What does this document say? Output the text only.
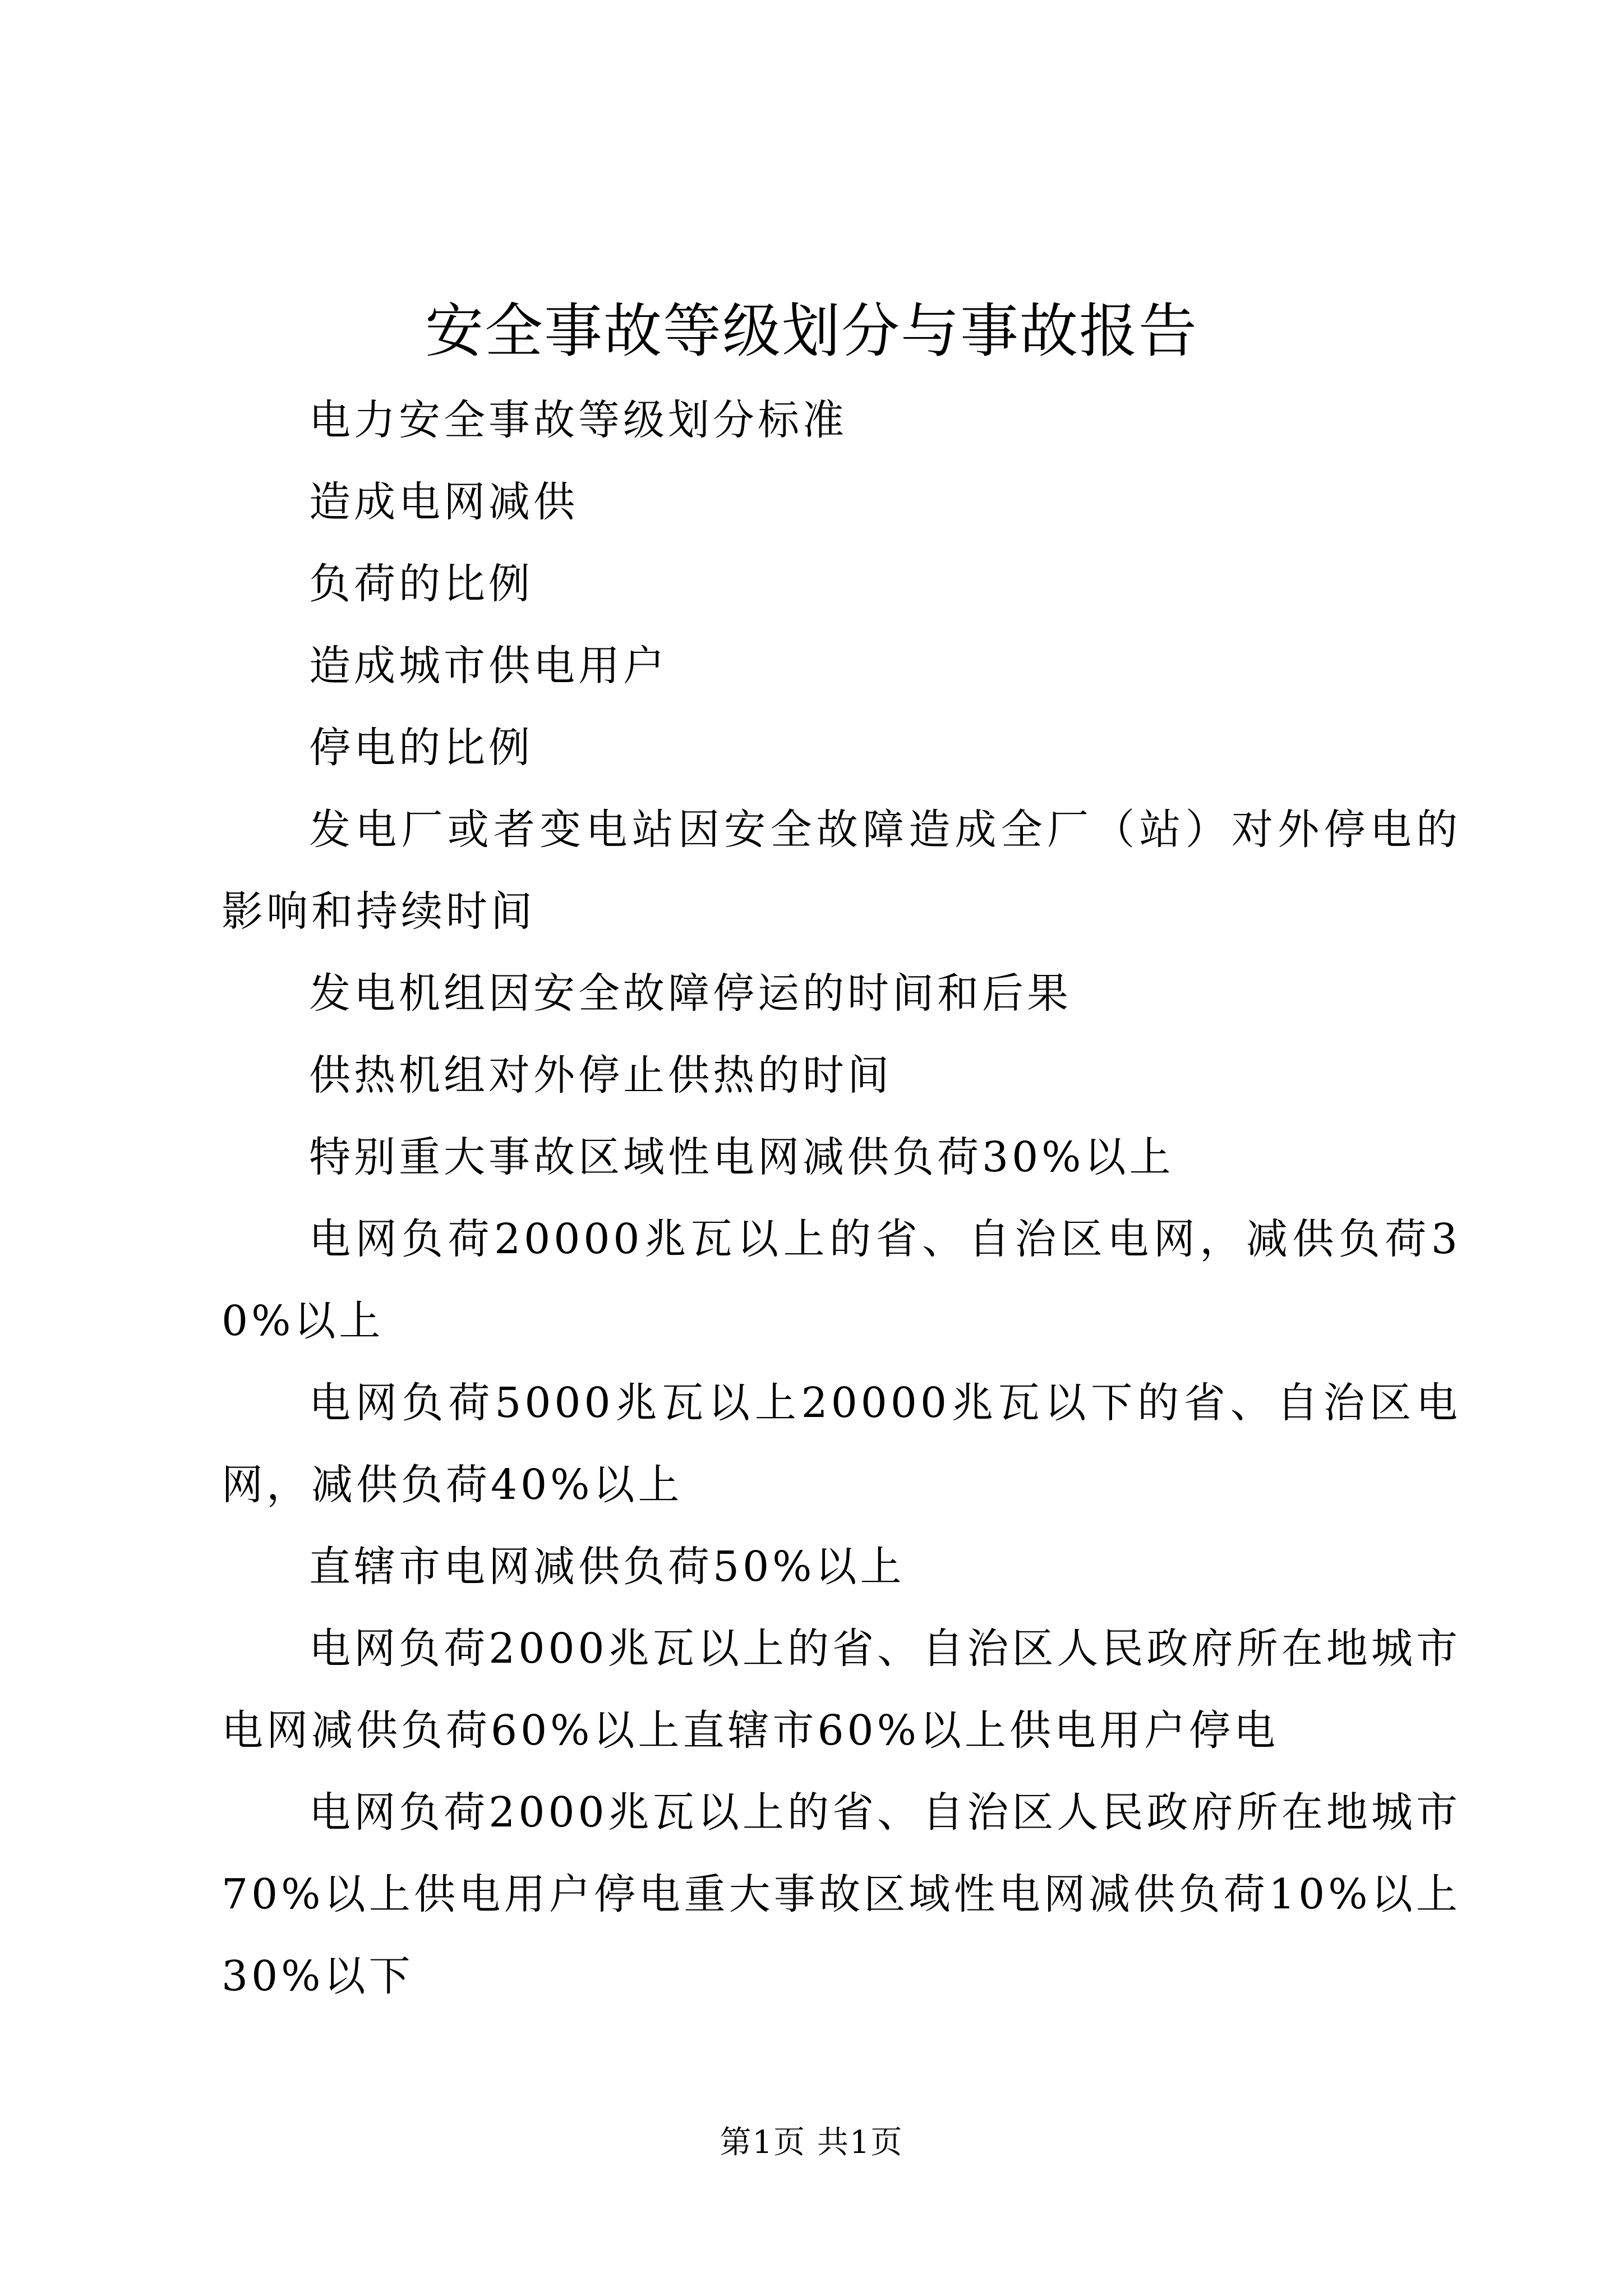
安全事故等级划分与事故报告

电力安全事故等级划分标准

造成电网减供

负荷的比例

造成城市供电用户

停电的比例

发电厂或者变电站因安全故障造成全厂（站）对外停电的影响和持续时间

发电机组因安全故障停运的时间和后果

供热机组对外停止供热的时间

特别重大事故区域性电网减供负荷30%以上

电网负荷20000兆瓦以上的省、自治区电网，减供负荷30%以上

电网负荷5000兆瓦以上20000兆瓦以下的省、自治区电网，减供负荷40%以上

直辖市电网减供负荷50%以上

电网负荷2000兆瓦以上的省、自治区人民政府所在地城市电网减供负荷60%以上直辖市60%以上供电用户停电

电网负荷2000兆瓦以上的省、自治区人民政府所在地城市70%以上供电用户停电重大事故区域性电网减供负荷10%以上30%以下

第1页 共1页
